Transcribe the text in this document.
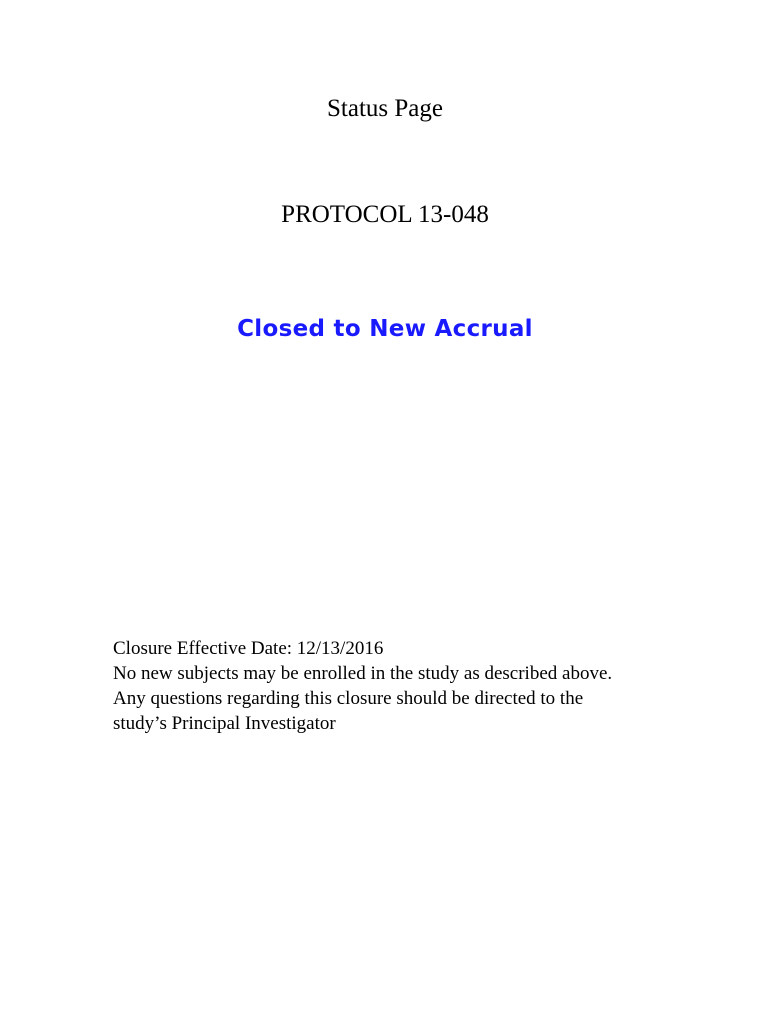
Status Page
PROTOCOL 13-048
Closed to New Accrual
Closure Effective Date: 12/13/2016
No new subjects may be enrolled in the study as described above.
Any questions regarding this closure should be directed to the
study’s Principal Investigator
